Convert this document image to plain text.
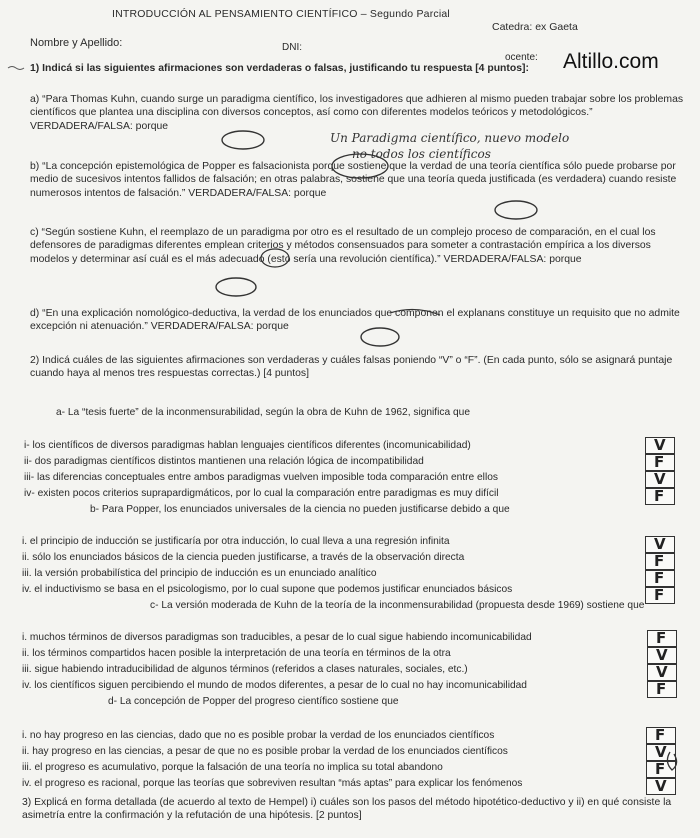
INTRODUCCIÓN AL PENSAMIENTO CIENTÍFICO – Segundo Parcial
Catedra: ex Gaeta
Nombre y Apellido:	DNI:
ocente: Altillo.com
1) Indicá si las siguientes afirmaciones son verdaderas o falsas, justificando tu respuesta [4 puntos]:
a) “Para Thomas Kuhn, cuando surge un paradigma científico, los investigadores que adhieren al mismo pueden trabajar sobre los problemas científicos que plantea una disciplina con diversos conceptos, así como con diferentes modelos teóricos y metodológicos.” VERDADERA/FALSA: porque
Un Paradigma científico, nuevo modelo
no todos los científicos
b) “La concepción epistemológica de Popper es falsacionista porque sostiene que la verdad de una teoría científica sólo puede probarse por medio de sucesivos intentos fallidos de falsación; en otras palabras, sostiene que una teoría queda justificada (es verdadera) cuando resiste numerosos intentos de falsación.” VERDADERA/FALSA: porque
c) “Según sostiene Kuhn, el reemplazo de un paradigma por otro es el resultado de un complejo proceso de comparación, en el cual los defensores de paradigmas diferentes emplean criterios y métodos consensuados para someter a contrastación empírica a los diversos modelos y determinar así cuál es el más adecuado (esto sería una revolución científica).” VERDADERA/FALSA: porque
d) “En una explicación nomológico-deductiva, la verdad de los enunciados que componen el explanans constituye un requisito que no admite excepción ni atenuación.” VERDADERA/FALSA: porque
2) Indicá cuáles de las siguientes afirmaciones son verdaderas y cuáles falsas poniendo “V” o “F”. (En cada punto, sólo se asignará puntaje cuando haya al menos tres respuestas correctas.) [4 puntos]
a- La “tesis fuerte” de la inconmensurabilidad, según la obra de Kuhn de 1962, significa que
i- los científicos de diversos paradigmas hablan lenguajes científicos diferentes (incomunicabilidad)
ii- dos paradigmas científicos distintos mantienen una relación lógica de incompatibilidad
iii- las diferencias conceptuales entre ambos paradigmas vuelven imposible toda comparación entre ellos
iv- existen pocos criterios suprapardigmáticos, por lo cual la comparación entre paradigmas es muy difícil
V
F
V
F
b- Para Popper, los enunciados universales de la ciencia no pueden justificarse debido a que
i. el principio de inducción se justificaría por otra inducción, lo cual lleva a una regresión infinita
ii. sólo los enunciados básicos de la ciencia pueden justificarse, a través de la observación directa
iii. la versión probabilística del principio de inducción es un enunciado analítico
iv. el inductivismo se basa en el psicologismo, por lo cual supone que podemos justificar enunciados básicos
V
F
F
F
c- La versión moderada de Kuhn de la teoría de la inconmensurabilidad (propuesta desde 1969) sostiene que
i. muchos términos de diversos paradigmas son traducibles, a pesar de lo cual sigue habiendo incomunicabilidad
ii. los términos compartidos hacen posible la interpretación de una teoría en términos de la otra
iii. sigue habiendo intraducibilidad de algunos términos (referidos a clases naturales, sociales, etc.)
iv. los científicos siguen percibiendo el mundo de modos diferentes, a pesar de lo cual no hay incomunicabilidad
F
V
V
F
d- La concepción de Popper del progreso científico sostiene que
i. no hay progreso en las ciencias, dado que no es posible probar la verdad de los enunciados científicos
ii. hay progreso en las ciencias, a pesar de que no es posible probar la verdad de los enunciados científicos
iii. el progreso es acumulativo, porque la falsación de una teoría no implica su total abandono
iv. el progreso es racional, porque las teorías que sobreviven resultan “más aptas” para explicar los fenómenos
F
V
F
V
3) Explicá en forma detallada (de acuerdo al texto de Hempel) i) cuáles son los pasos del método hipotético-deductivo y ii) en qué consiste la asimetría entre la confirmación y la refutación de una hipótesis. [2 puntos]
